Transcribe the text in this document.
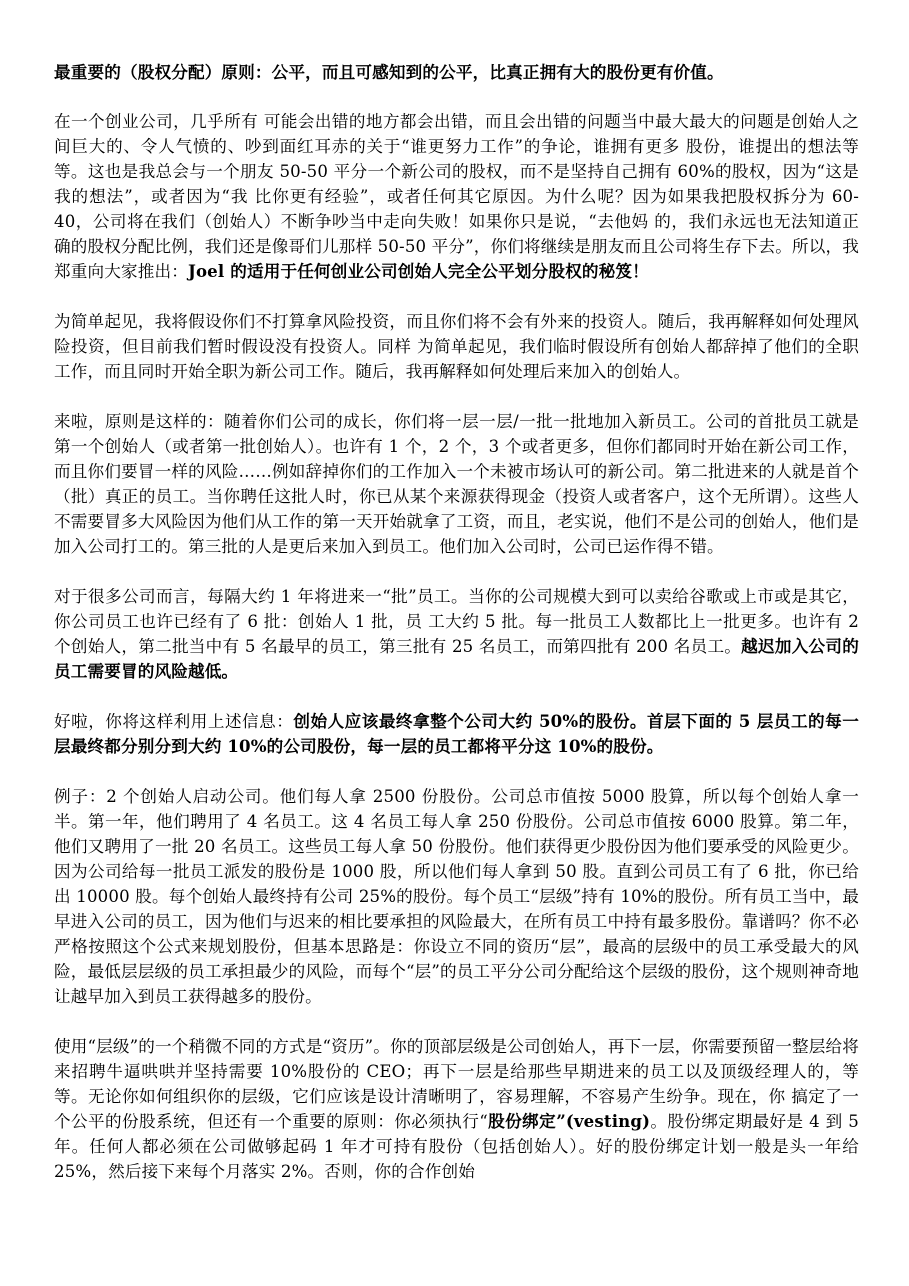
最重要的（股权分配）原则：公平，而且可感知到的公平，比真正拥有大的股份更有价值。

在一个创业公司，几乎所有 可能会出错的地方都会出错，而且会出错的问题当中最大最大的问题是创始人之间巨大的、令人气愤的、吵到面红耳赤的关于“谁更努力工作”的争论，谁拥有更多 股份，谁提出的想法等等。这也是我总会与一个朋友 50-50 平分一个新公司的股权，而不是坚持自己拥有 60%的股权，因为“这是我的想法”，或者因为“我 比你更有经验”，或者任何其它原因。为什么呢？因为如果我把股权拆分为 60-40，公司将在我们（创始人）不断争吵当中走向失败！如果你只是说，“去他妈 的，我们永远也无法知道正确的股权分配比例，我们还是像哥们儿那样 50-50 平分”，你们将继续是朋友而且公司将生存下去。所以，我郑重向大家推出：Joel 的适用于任何创业公司创始人完全公平划分股权的秘笈！

为简单起见，我将假设你们不打算拿风险投资，而且你们将不会有外来的投资人。随后，我再解释如何处理风险投资，但目前我们暂时假设没有投资人。同样 为简单起见，我们临时假设所有创始人都辞掉了他们的全职工作，而且同时开始全职为新公司工作。随后，我再解释如何处理后来加入的创始人。

来啦，原则是这样的：随着你们公司的成长，你们将一层一层/一批一批地加入新员工。公司的首批员工就是第一个创始人（或者第一批创始人）。也许有 1 个，2 个，3 个或者更多，但你们都同时开始在新公司工作，而且你们要冒一样的风险……例如辞掉你们的工作加入一个未被市场认可的新公司。第二批进来的人就是首个（批）真正的员工。当你聘任这批人时，你已从某个来源获得现金（投资人或者客户，这个无所谓）。这些人不需要冒多大风险因为他们从工作的第一天开始就拿了工资，而且，老实说，他们不是公司的创始人，他们是加入公司打工的。第三批的人是更后来加入到员工。他们加入公司时，公司已运作得不错。

对于很多公司而言，每隔大约 1 年将进来一“批”员工。当你的公司规模大到可以卖给谷歌或上市或是其它，你公司员工也许已经有了 6 批：创始人 1 批，员 工大约 5 批。每一批员工人数都比上一批更多。也许有 2 个创始人，第二批当中有 5 名最早的员工，第三批有 25 名员工，而第四批有 200 名员工。越迟加入公司的员工需要冒的风险越低。

好啦，你将这样利用上述信息：创始人应该最终拿整个公司大约 50%的股份。首层下面的 5 层员工的每一层最终都分别分到大约 10%的公司股份，每一层的员工都将平分这 10%的股份。

例子：2 个创始人启动公司。他们每人拿 2500 份股份。公司总市值按 5000 股算，所以每个创始人拿一半。第一年，他们聘用了 4 名员工。这 4 名员工每人拿 250 份股份。公司总市值按 6000 股算。第二年，他们又聘用了一批 20 名员工。这些员工每人拿 50 份股份。他们获得更少股份因为他们要承受的风险更少。因为公司给每一批员工派发的股份是 1000 股，所以他们每人拿到 50 股。直到公司员工有了 6 批，你已给出 10000 股。每个创始人最终持有公司 25%的股份。每个员工“层级”持有 10%的股份。所有员工当中，最早进入公司的员工，因为他们与迟来的相比要承担的风险最大，在所有员工中持有最多股份。靠谱吗？你不必严格按照这个公式来规划股份，但基本思路是：你设立不同的资历“层”，最高的层级中的员工承受最大的风险，最低层层级的员工承担最少的风险，而每个“层”的员工平分公司分配给这个层级的股份，这个规则神奇地让越早加入到员工获得越多的股份。

使用“层级”的一个稍微不同的方式是“资历”。你的顶部层级是公司创始人，再下一层，你需要预留一整层给将来招聘牛逼哄哄并坚持需要 10%股份的 CEO；再下一层是给那些早期进来的员工以及顶级经理人的，等等。无论你如何组织你的层级，它们应该是设计清晰明了，容易理解，不容易产生纷争。现在，你 搞定了一个公平的份股系统，但还有一个重要的原则：你必须执行“股份绑定”(vesting)。股份绑定期最好是 4 到 5 年。任何人都必须在公司做够起码 1 年才可持有股份（包括创始人）。好的股份绑定计划一般是头一年给 25%，然后接下来每个月落实 2%。否则，你的合作创始
